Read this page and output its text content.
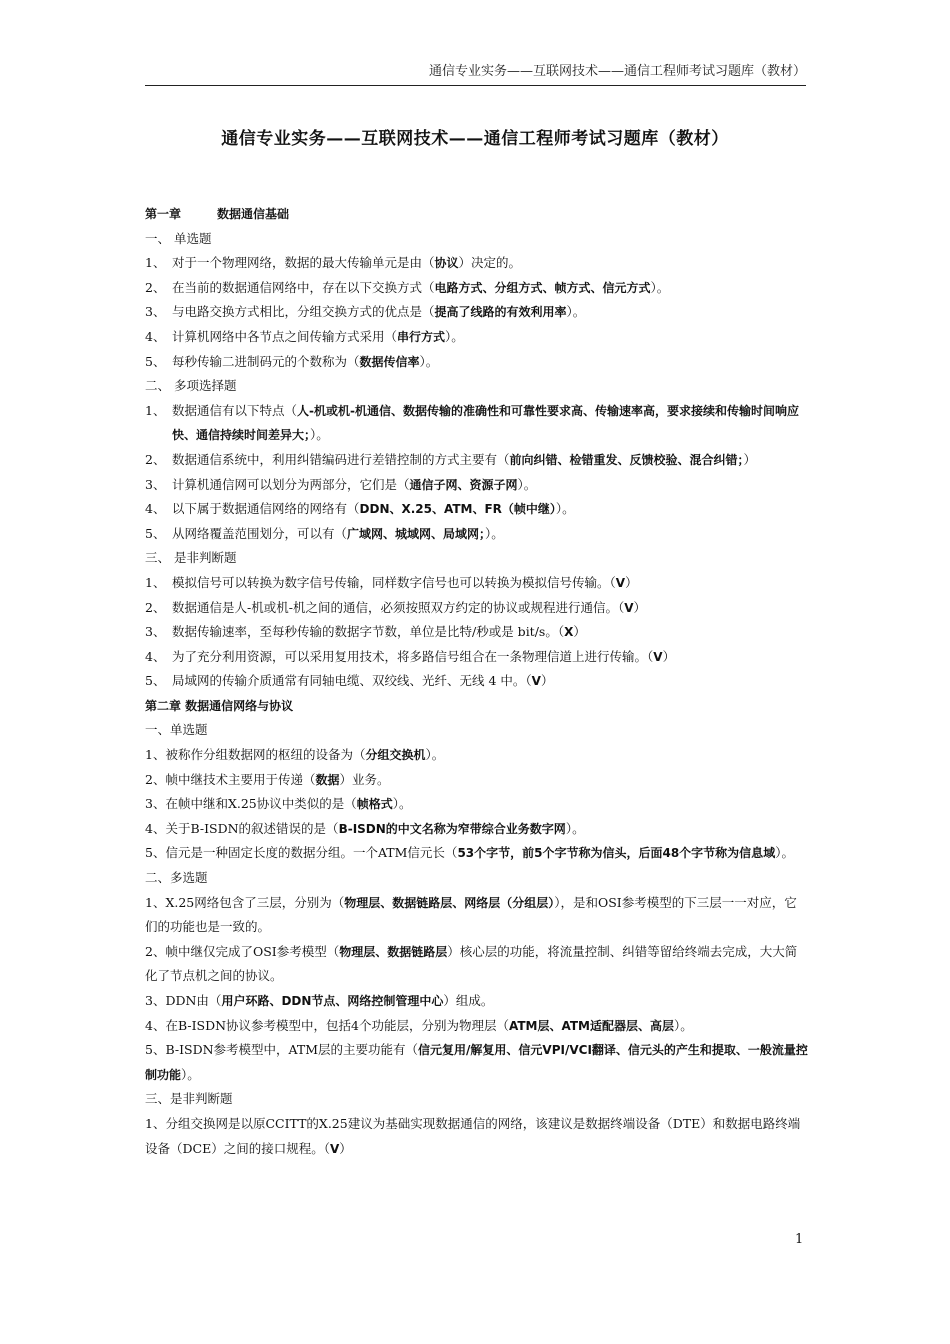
通信专业实务——互联网技术——通信工程师考试习题库（教材）
通信专业实务——互联网技术——通信工程师考试习题库（教材）
第一章	数据通信基础
一、 单选题
1、 对于一个物理网络，数据的最大传输单元是由（协议）决定的。
2、 在当前的数据通信网络中，存在以下交换方式（电路方式、分组方式、帧方式、信元方式）。
3、 与电路交换方式相比，分组交换方式的优点是（提高了线路的有效利用率）。
4、 计算机网络中各节点之间传输方式采用（串行方式）。
5、 每秒传输二进制码元的个数称为（数据传信率）。
二、 多项选择题
1、 数据通信有以下特点（人-机或机-机通信、数据传输的准确性和可靠性要求高、传输速率高，要求接续和传输时间响应快、通信持续时间差异大；）。
2、 数据通信系统中，利用纠错编码进行差错控制的方式主要有（前向纠错、检错重发、反馈校验、混合纠错；）
3、 计算机通信网可以划分为两部分，它们是（通信子网、资源子网）。
4、 以下属于数据通信网络的网络有（DDN、X.25、ATM、FR（帧中继））。
5、 从网络覆盖范围划分，可以有（广域网、城域网、局域网；）。
三、 是非判断题
1、 模拟信号可以转换为数字信号传输，同样数字信号也可以转换为模拟信号传输。（V）
2、 数据通信是人-机或机-机之间的通信，必须按照双方约定的协议或规程进行通信。（V）
3、 数据传输速率，至每秒传输的数据字节数，单位是比特/秒或是 bit/s。（X）
4、 为了充分利用资源，可以采用复用技术，将多路信号组合在一条物理信道上进行传输。（V）
5、 局域网的传输介质通常有同轴电缆、双绞线、光纤、无线 4 中。（V）
第二章 数据通信网络与协议
一、单选题
1、被称作分组数据网的枢纽的设备为（分组交换机）。
2、帧中继技术主要用于传递（数据）业务。
3、在帧中继和X.25协议中类似的是（帧格式）。
4、关于B-ISDN的叙述错误的是（B-ISDN的中文名称为窄带综合业务数字网）。
5、信元是一种固定长度的数据分组。一个ATM信元长（53个字节，前5个字节称为信头，后面48个字节称为信息域）。
二、多选题
1、X.25网络包含了三层，分别为（物理层、数据链路层、网络层（分组层）），是和OSI参考模型的下三层一一对应，它们的功能也是一致的。
2、帧中继仅完成了OSI参考模型（物理层、数据链路层）核心层的功能，将流量控制、纠错等留给终端去完成，大大简化了节点机之间的协议。
3、DDN由（用户环路、DDN节点、网络控制管理中心）组成。
4、在B-ISDN协议参考模型中，包括4个功能层，分别为物理层（ATM层、ATM适配器层、高层）。
5、B-ISDN参考模型中，ATM层的主要功能有（信元复用/解复用、信元VPI/VCI翻译、信元头的产生和提取、一般流量控制功能）。
三、是非判断题
1、分组交换网是以原CCITT的X.25建议为基础实现数据通信的网络，该建议是数据终端设备（DTE）和数据电路终端设备（DCE）之间的接口规程。（V）
1
